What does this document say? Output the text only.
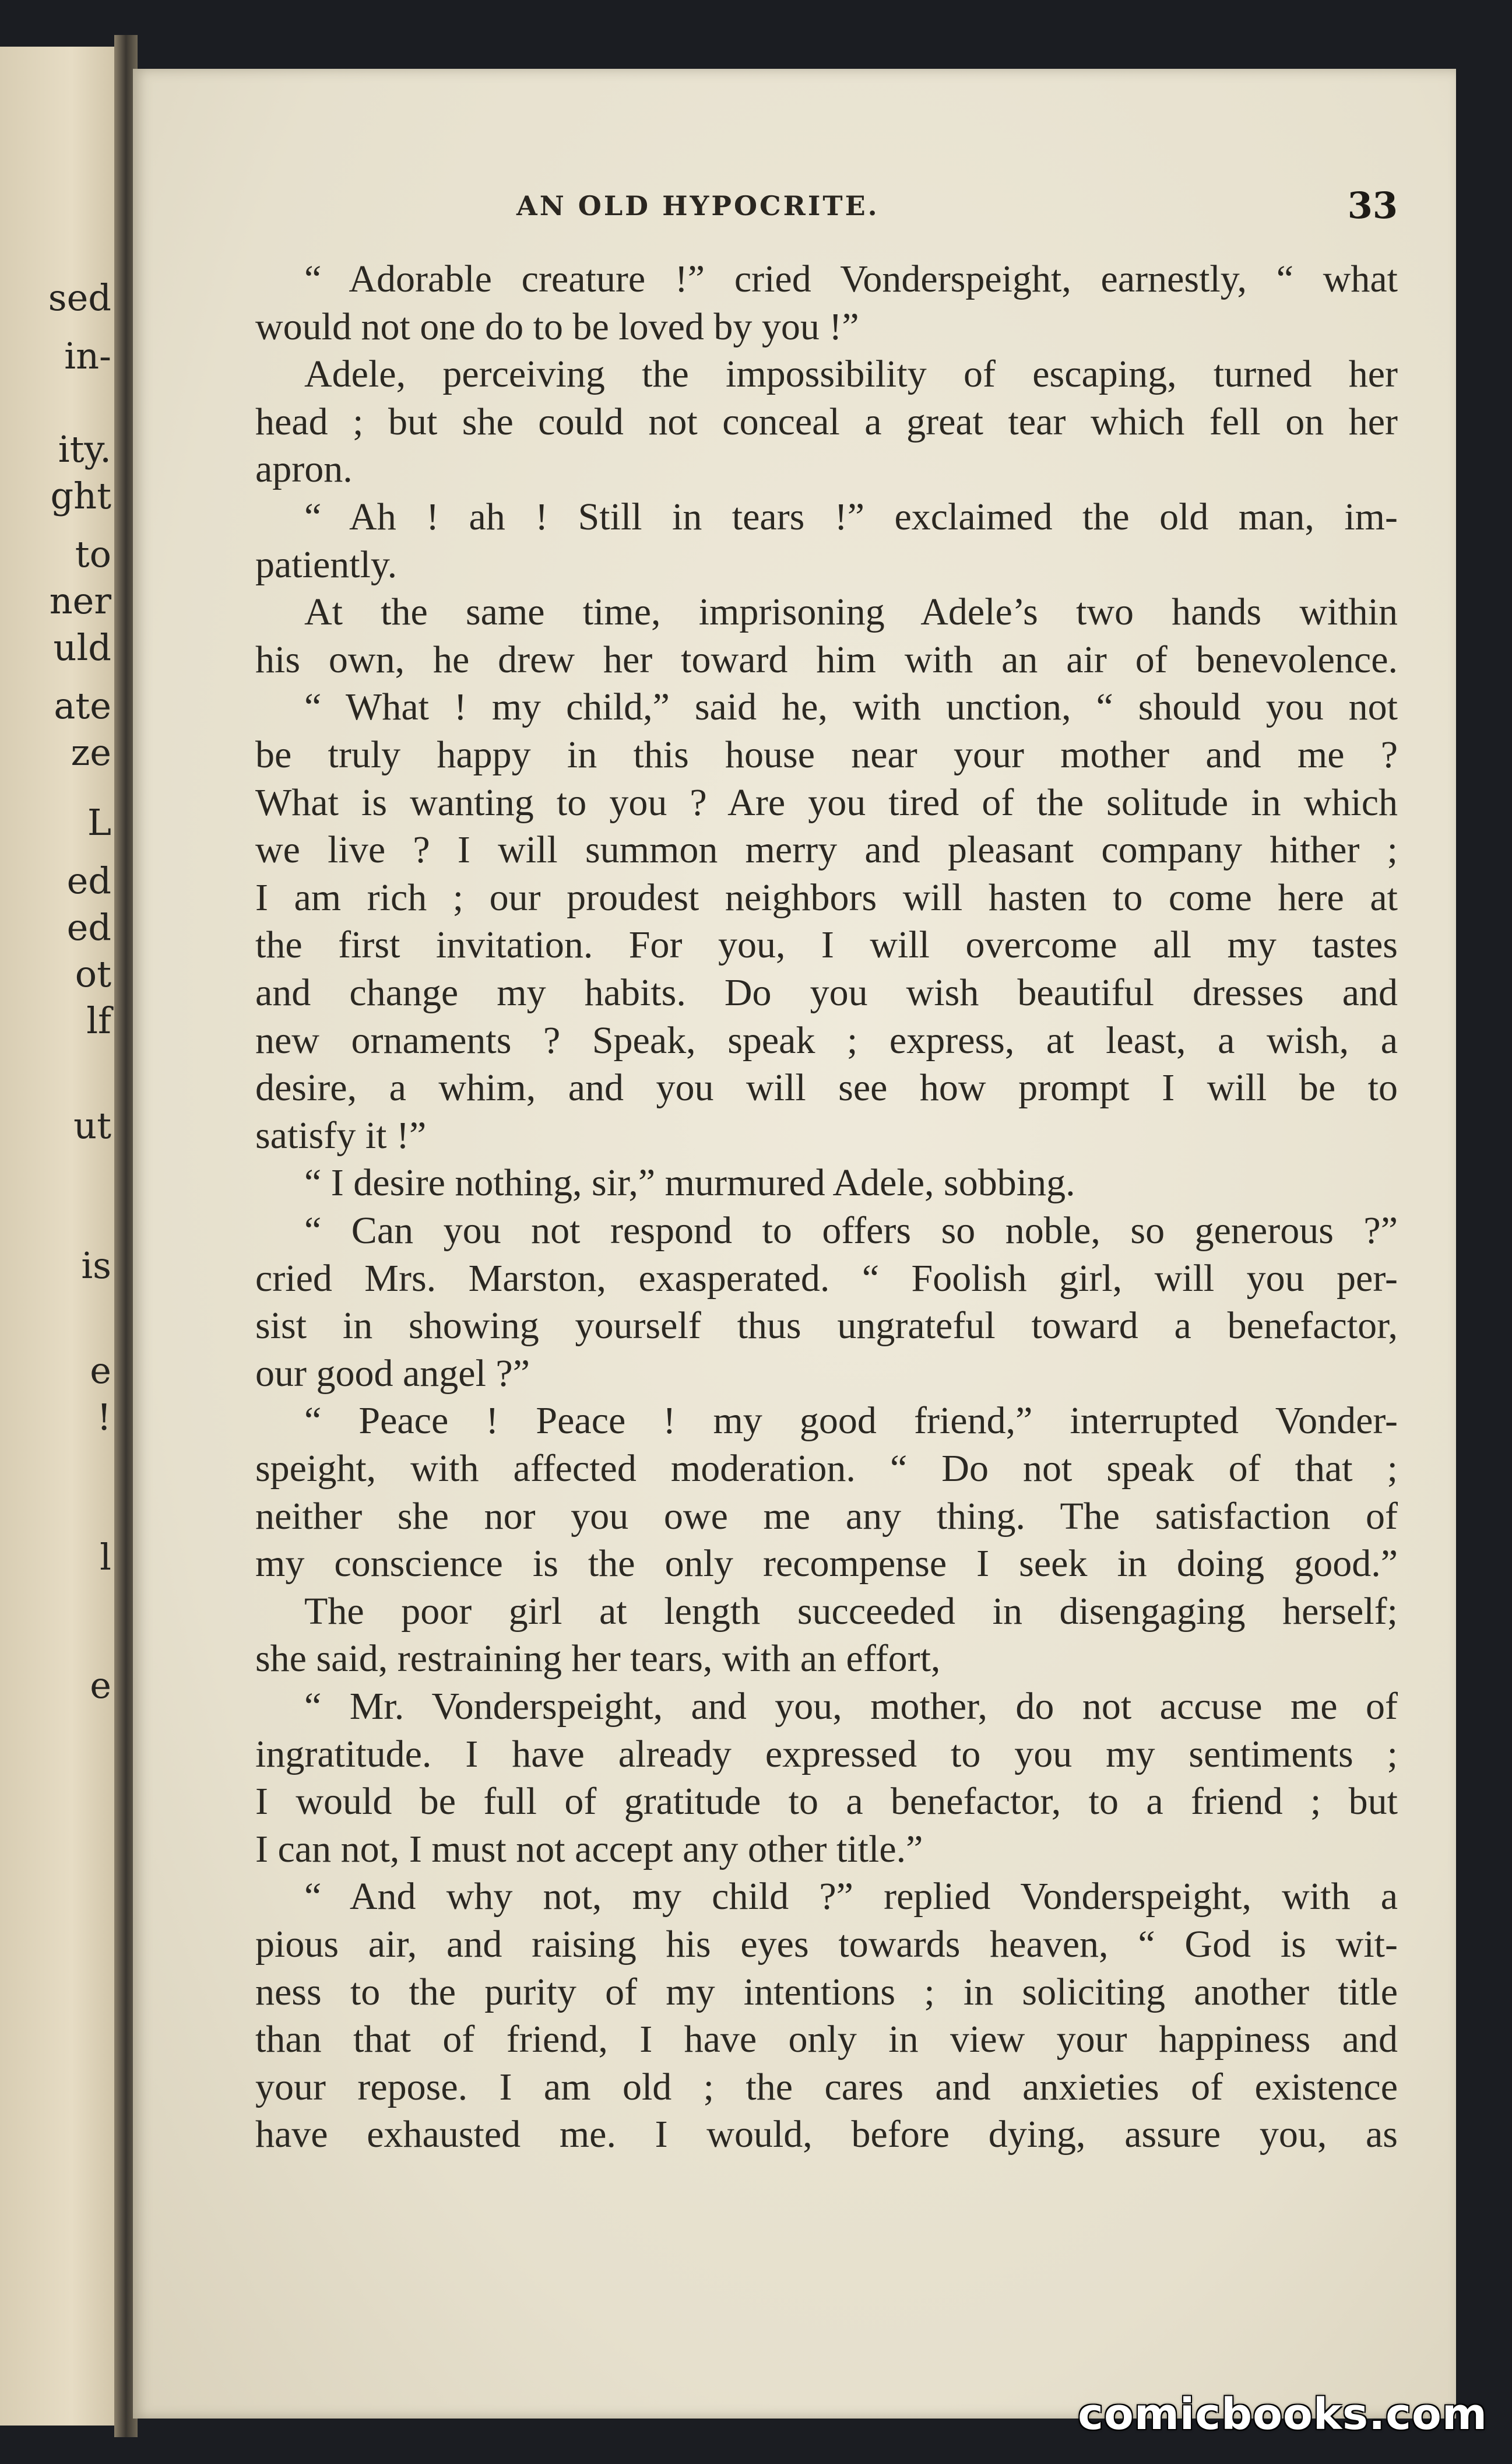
sed
in-
ity.
ght
to
ner
uld
ate
ze
L
ed
ed
ot
lf
ut
is
e
!
l
e
AN OLD HYPOCRITE.	33
“ Adorable creature !” cried Vonderspeight, earnestly, “ what
would not one do to be loved by you !”
Adele, perceiving the impossibility of escaping, turned her
head ; but she could not conceal a great tear which fell on her
apron.
“ Ah ! ah ! Still in tears !” exclaimed the old man, im-
patiently.
At the same time, imprisoning Adele’s two hands within
his own, he drew her toward him with an air of benevolence.
“ What ! my child,” said he, with unction, “ should you not
be truly happy in this house near your mother and me ?
What is wanting to you ? Are you tired of the solitude in which
we live ? I will summon merry and pleasant company hither ;
I am rich ; our proudest neighbors will hasten to come here at
the first invitation. For you, I will overcome all my tastes
and change my habits. Do you wish beautiful dresses and
new ornaments ? Speak, speak ; express, at least, a wish, a
desire, a whim, and you will see how prompt I will be to
satisfy it !”
“ I desire nothing, sir,” murmured Adele, sobbing.
“ Can you not respond to offers so noble, so generous ?”
cried Mrs. Marston, exasperated. “ Foolish girl, will you per-
sist in showing yourself thus ungrateful toward a benefactor,
our good angel ?”
“ Peace ! Peace ! my good friend,” interrupted Vonder-
speight, with affected moderation. “ Do not speak of that ;
neither she nor you owe me any thing. The satisfaction of
my conscience is the only recompense I seek in doing good.”
The poor girl at length succeeded in disengaging herself;
she said, restraining her tears, with an effort,
“ Mr. Vonderspeight, and you, mother, do not accuse me of
ingratitude. I have already expressed to you my sentiments ;
I would be full of gratitude to a benefactor, to a friend ; but
I can not, I must not accept any other title.”
“ And why not, my child ?” replied Vonderspeight, with a
pious air, and raising his eyes towards heaven, “ God is wit-
ness to the purity of my intentions ; in soliciting another title
than that of friend, I have only in view your happiness and
your repose. I am old ; the cares and anxieties of existence
have exhausted me. I would, before dying, assure you, as
comicbooks.com
